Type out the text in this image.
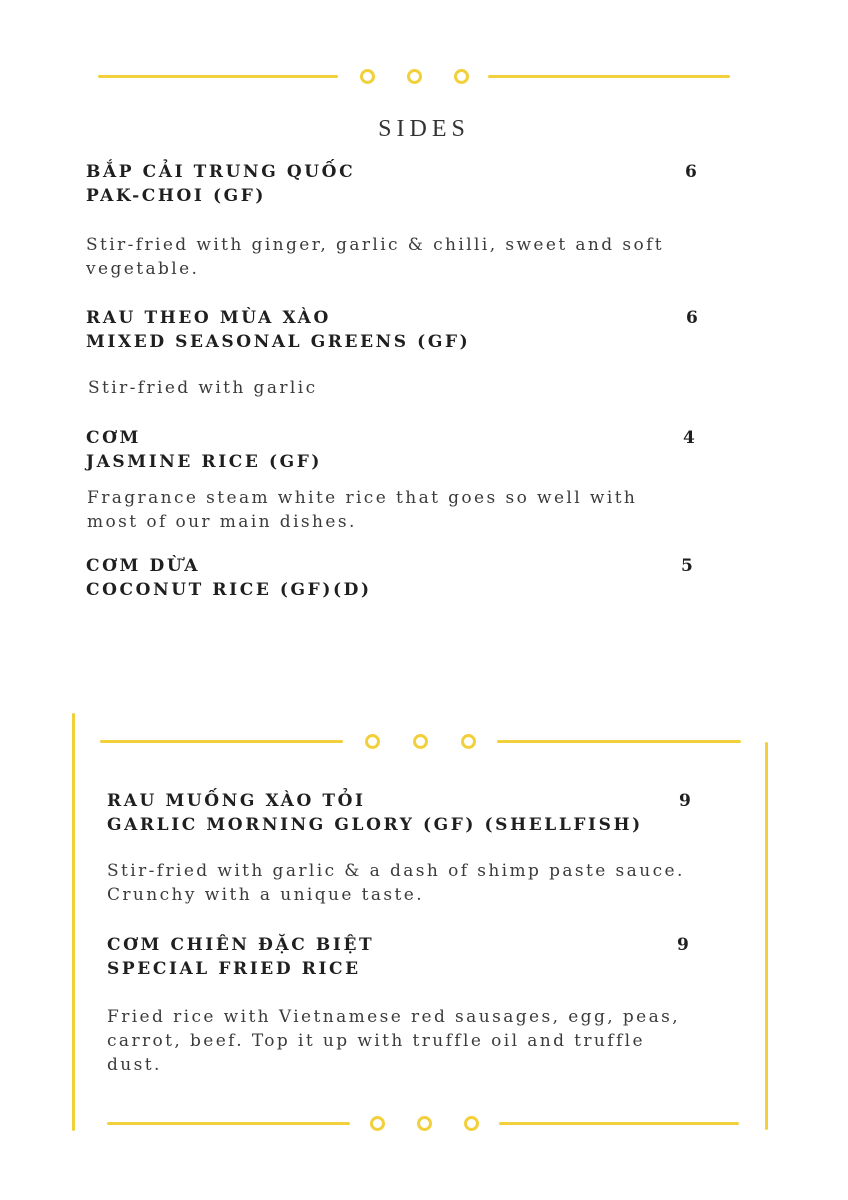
SIDES
BẮP CẢI TRUNG QUỐC
PAK-CHOI (GF)
6
Stir-fried with ginger, garlic & chilli, sweet and soft
vegetable.
RAU THEO MÙA XÀO
MIXED SEASONAL GREENS (GF)
6
Stir-fried with garlic
CƠM
JASMINE RICE (GF)
4
Fragrance steam white rice that goes so well with
most of our main dishes.
CƠM DỪA
COCONUT RICE (GF)(D)
5
RAU MUỐNG XÀO TỎI
GARLIC MORNING GLORY (GF) (SHELLFISH)
9
Stir-fried with garlic & a dash of shimp paste sauce.
Crunchy with a unique taste.
CƠM CHIÊN ĐẶC BIỆT
SPECIAL FRIED RICE
9
Fried rice with Vietnamese red sausages, egg, peas,
carrot, beef. Top it up with truffle oil and truffle
dust.
